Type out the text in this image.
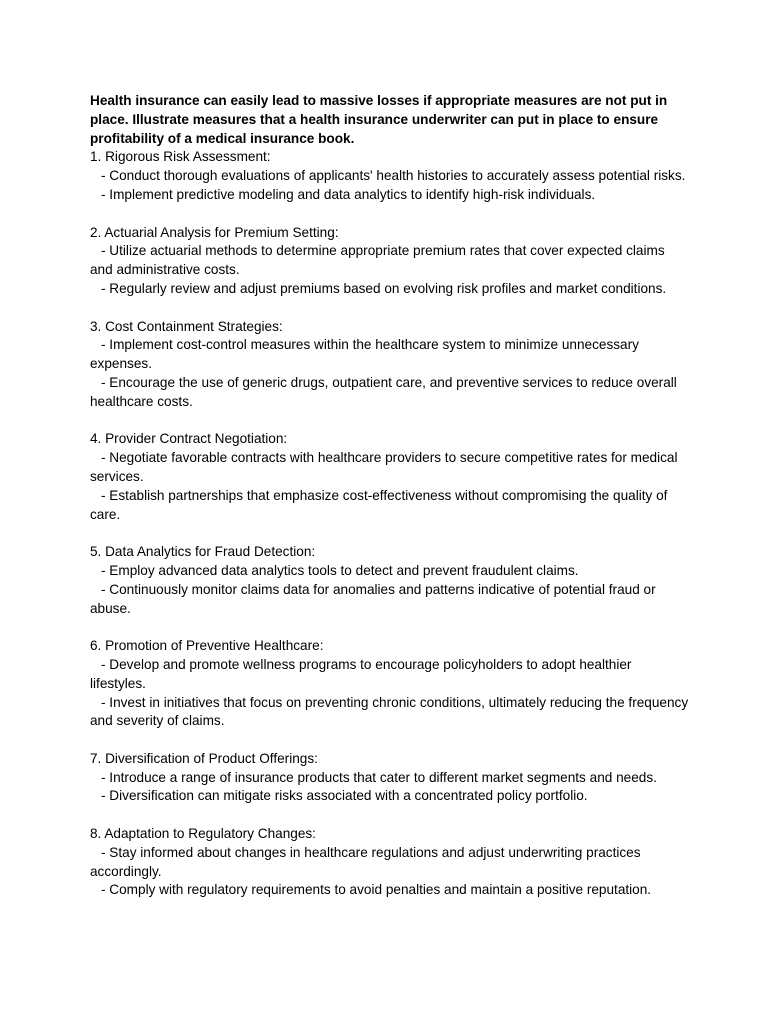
Health insurance can easily lead to massive losses if appropriate measures are not put in place. Illustrate measures that a health insurance underwriter can put in place to ensure profitability of a medical insurance book.

1. Rigorous Risk Assessment:

- Conduct thorough evaluations of applicants' health histories to accurately assess potential risks.

- Implement predictive modeling and data analytics to identify high-risk individuals.

2. Actuarial Analysis for Premium Setting:

- Utilize actuarial methods to determine appropriate premium rates that cover expected claims and administrative costs.

- Regularly review and adjust premiums based on evolving risk profiles and market conditions.

3. Cost Containment Strategies:

- Implement cost-control measures within the healthcare system to minimize unnecessary expenses.

- Encourage the use of generic drugs, outpatient care, and preventive services to reduce overall healthcare costs.

4. Provider Contract Negotiation:

- Negotiate favorable contracts with healthcare providers to secure competitive rates for medical services.

- Establish partnerships that emphasize cost-effectiveness without compromising the quality of care.

5. Data Analytics for Fraud Detection:

- Employ advanced data analytics tools to detect and prevent fraudulent claims.

- Continuously monitor claims data for anomalies and patterns indicative of potential fraud or abuse.

6. Promotion of Preventive Healthcare:

- Develop and promote wellness programs to encourage policyholders to adopt healthier lifestyles.

- Invest in initiatives that focus on preventing chronic conditions, ultimately reducing the frequency and severity of claims.

7. Diversification of Product Offerings:

- Introduce a range of insurance products that cater to different market segments and needs.

- Diversification can mitigate risks associated with a concentrated policy portfolio.

8. Adaptation to Regulatory Changes:

- Stay informed about changes in healthcare regulations and adjust underwriting practices accordingly.

- Comply with regulatory requirements to avoid penalties and maintain a positive reputation.
